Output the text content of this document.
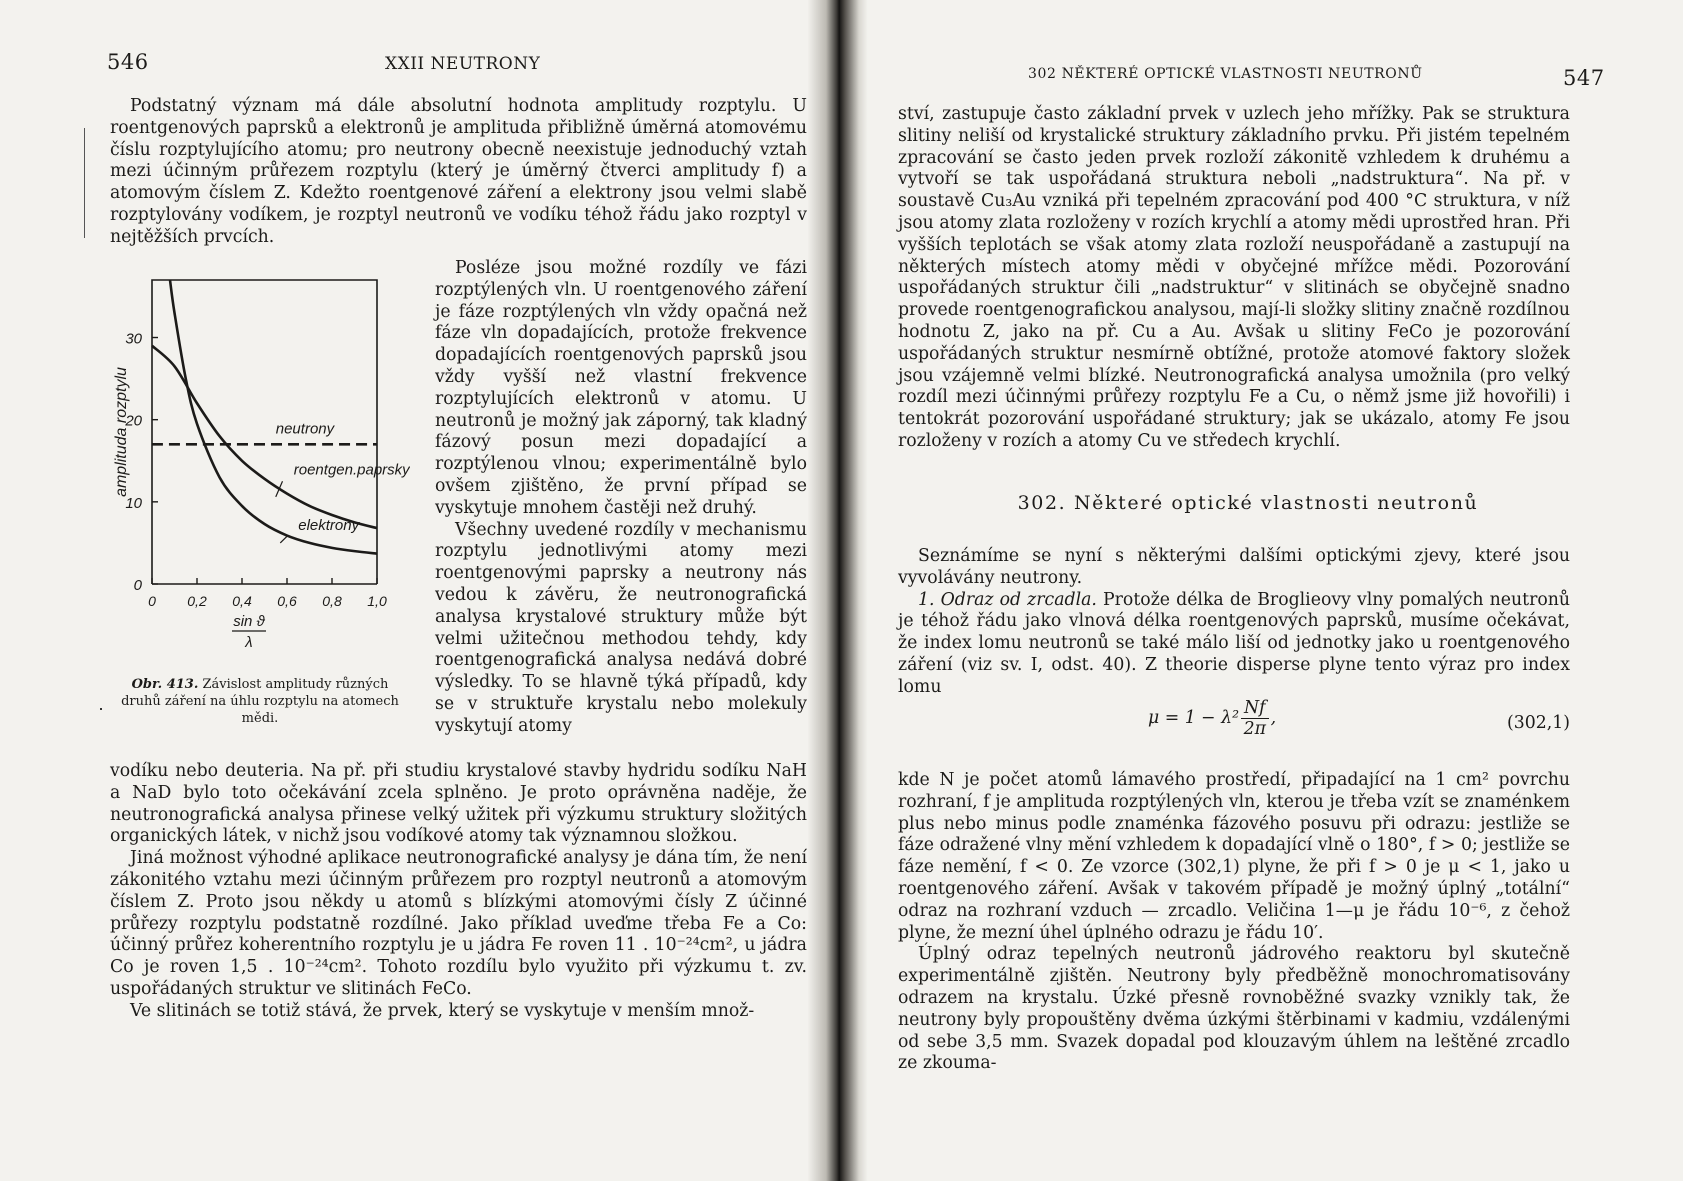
546	XXII NEUTRONY

Podstatný význam má dále absolutní hodnota amplitudy rozptylu. U roentgenových paprsků a elektronů je amplituda přibližně úměrná atomovému číslu rozptylujícího atomu; pro neutrony obecně neexistuje jednoduchý vztah mezi účinným průřezem rozptylu (který je úměrný čtverci amplitudy f) a atomovým číslem Z. Kdežto roentgenové záření a elektrony jsou velmi slabě rozptylovány vodíkem, je rozptyl neutronů ve vodíku téhož řádu jako rozptyl v nejtěžších prvcích.

0
10
20
30
0 0,2 0,4 0,6 0,8 1,0
amplituda rozptylu
sin ϑ
λ
neutrony
roentgen.paprsky
elektrony
Obr. 413. Závislost amplitudy různých druhů záření na úhlu rozptylu na atomech mědi.

Posléze jsou možné rozdíly ve fázi rozptýlených vln. U roentgenového záření je fáze rozptýlených vln vždy opačná než fáze vln dopadajících, protože frekvence dopadajících roentgenových paprsků jsou vždy vyšší než vlastní frekvence rozptylujících elektronů v atomu. U neutronů je možný jak záporný, tak kladný fázový posun mezi dopadající a rozptýlenou vlnou; experimentálně bylo ovšem zjištěno, že první případ se vyskytuje mnohem častěji než druhý.

Všechny uvedené rozdíly v mechanismu rozptylu jednotlivými atomy mezi roentgenovými paprsky a neutrony nás vedou k závěru, že neutronografická analysa krystalové struktury může být velmi užitečnou methodou tehdy, kdy roentgenografická analysa nedává dobré výsledky. To se hlavně týká případů, kdy se v struktuře krystalu nebo molekuly vyskytují atomy

vodíku nebo deuteria. Na př. při studiu krystalové stavby hydridu sodíku NaH a NaD bylo toto očekávání zcela splněno. Je proto oprávněna naděje, že neutronografická analysa přinese velký užitek při výzkumu struktury složitých organických látek, v nichž jsou vodíkové atomy tak významnou složkou.

Jiná možnost výhodné aplikace neutronografické analysy je dána tím, že není zákonitého vztahu mezi účinným průřezem pro rozptyl neutronů a atomovým číslem Z. Proto jsou někdy u atomů s blízkými atomovými čísly Z účinné průřezy rozptylu podstatně rozdílné. Jako příklad uveďme třeba Fe a Co: účinný průřez koherentního rozptylu je u jádra Fe roven 11 . 10⁻²⁴cm², u jádra Co je roven 1,5 . 10⁻²⁴cm². Tohoto rozdílu bylo využito při výzkumu t. zv. uspořádaných struktur ve slitinách FeCo.

Ve slitinách se totiž stává, že prvek, který se vyskytuje v menším množ-

302 NĚKTERÉ OPTICKÉ VLASTNOSTI NEUTRONŮ	547

ství, zastupuje často základní prvek v uzlech jeho mřížky. Pak se struktura slitiny neliší od krystalické struktury základního prvku. Při jistém tepelném zpracování se často jeden prvek rozloží zákonitě vzhledem k druhému a vytvoří se tak uspořádaná struktura neboli „nadstruktura“. Na př. v soustavě Cu₃Au vzniká při tepelném zpracování pod 400 °C struktura, v níž jsou atomy zlata rozloženy v rozích krychlí a atomy mědi uprostřed hran. Při vyšších teplotách se však atomy zlata rozloží neuspořádaně a zastupují na některých místech atomy mědi v obyčejné mřížce mědi. Pozorování uspořádaných struktur čili „nadstruktur“ v slitinách se obyčejně snadno provede roentgenografickou analysou, mají-li složky slitiny značně rozdílnou hodnotu Z, jako na př. Cu a Au. Avšak u slitiny FeCo je pozorování uspořádaných struktur nesmírně obtížné, protože atomové faktory složek jsou vzájemně velmi blízké. Neutronografická analysa umožnila (pro velký rozdíl mezi účinnými průřezy rozptylu Fe a Cu, o němž jsme již hovořili) i tentokrát pozorování uspořádané struktury; jak se ukázalo, atomy Fe jsou rozloženy v rozích a atomy Cu ve středech krychlí.

302. Některé optické vlastnosti neutronů

Seznámíme se nyní s některými dalšími optickými zjevy, které jsou vyvolávány neutrony.

1. Odraz od zrcadla. Protože délka de Broglieovy vlny pomalých neutronů je téhož řádu jako vlnová délka roentgenových paprsků, musíme očekávat, že index lomu neutronů se také málo liší od jednotky jako u roentgenového záření (viz sv. I, odst. 40). Z theorie disperse plyne tento výraz pro index lomu

$\mu = 1 - \lambda^2 \frac{Nf}{2\pi}$ ,	(302,1)

kde N je počet atomů lámavého prostředí, připadající na 1 cm² povrchu rozhraní, f je amplituda rozptýlených vln, kterou je třeba vzít se znaménkem plus nebo minus podle znaménka fázového posuvu při odrazu: jestliže se fáze odražené vlny mění vzhledem k dopadající vlně o 180°, f > 0; jestliže se fáze nemění, f < 0. Ze vzorce (302,1) plyne, že při f > 0 je μ < 1, jako u roentgenového záření. Avšak v takovém případě je možný úplný „totální“ odraz na rozhraní vzduch — zrcadlo. Veličina 1—μ je řádu 10⁻⁶, z čehož plyne, že mezní úhel úplného odrazu je řádu 10′.

Úplný odraz tepelných neutronů jádrového reaktoru byl skutečně experimentálně zjištěn. Neutrony byly předběžně monochromatisovány odrazem na krystalu. Úzké přesně rovnoběžné svazky vznikly tak, že neutrony byly propouštěny dvěma úzkými štěrbinami v kadmiu, vzdálenými od sebe 3,5 mm. Svazek dopadal pod klouzavým úhlem na leštěné zrcadlo ze zkouma-
